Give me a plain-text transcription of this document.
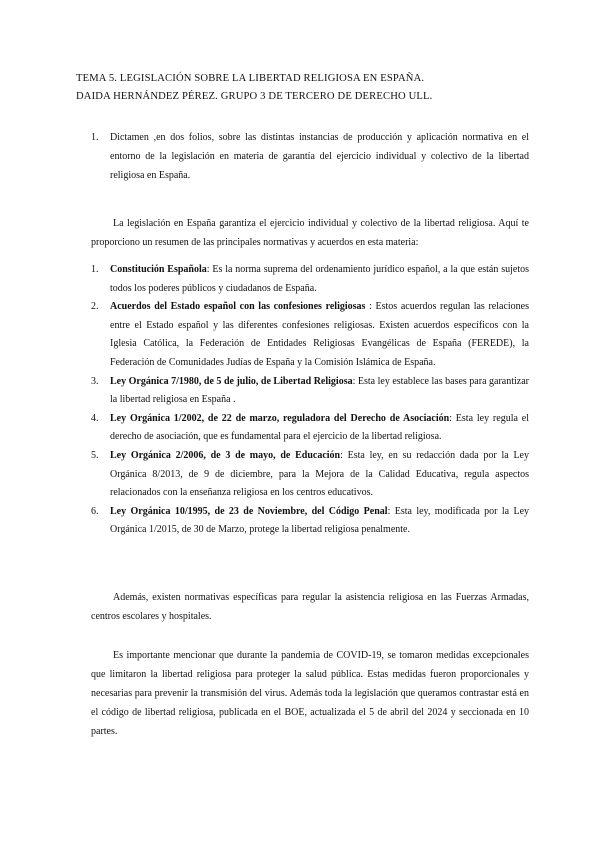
TEMA 5. LEGISLACIÓN SOBRE LA LIBERTAD RELIGIOSA EN ESPAÑA.
DAIDA HERNÁNDEZ PÉREZ. GRUPO 3 DE TERCERO DE DERECHO ULL.
1. Dictamen ,en dos folios, sobre las distintas instancias de producción y aplicación normativa en el entorno de la legislación en materia de garantía del ejercicio individual y colectivo de la libertad religiosa en España.

La legislación en España garantiza el ejercicio individual y colectivo de la libertad religiosa. Aquí te proporciono un resumen de las principales normativas y acuerdos en esta materia:

1. Constitución Española: Es la norma suprema del ordenamiento jurídico español, a la que están sujetos todos los poderes públicos y ciudadanos de España.
2. Acuerdos del Estado español con las confesiones religiosas : Estos acuerdos regulan las relaciones entre el Estado español y las diferentes confesiones religiosas. Existen acuerdos específicos con la Iglesia Católica, la Federación de Entidades Religiosas Evangélicas de España (FEREDE), la Federación de Comunidades Judías de España y la Comisión Islámica de España.
3. Ley Orgánica 7/1980, de 5 de julio, de Libertad Religiosa: Esta ley establece las bases para garantizar la libertad religiosa en España .
4. Ley Orgánica 1/2002, de 22 de marzo, reguladora del Derecho de Asociación: Esta ley regula el derecho de asociación, que es fundamental para el ejercicio de la libertad religiosa.
5. Ley Orgánica 2/2006, de 3 de mayo, de Educación: Esta ley, en su redacción dada por la Ley Orgánica 8/2013, de 9 de diciembre, para la Mejora de la Calidad Educativa, regula aspectos relacionados con la enseñanza religiosa en los centros educativos.
6. Ley Orgánica 10/1995, de 23 de Noviembre, del Código Penal: Esta ley, modificada por la Ley Orgánica 1/2015, de 30 de Marzo, protege la libertad religiosa penalmente.

Además, existen normativas específicas para regular la asistencia religiosa en las Fuerzas Armadas, centros escolares y hospitales.

Es importante mencionar que durante la pandemia de COVID-19, se tomaron medidas excepcionales que limitaron la libertad religiosa para proteger la salud pública. Estas medidas fueron proporcionales y necesarias para prevenir la transmisión del virus. Además toda la legislación que queramos contrastar está en el código de libertad religiosa, publicada en el BOE, actualizada el 5 de abril del 2024 y seccionada en 10 partes.
